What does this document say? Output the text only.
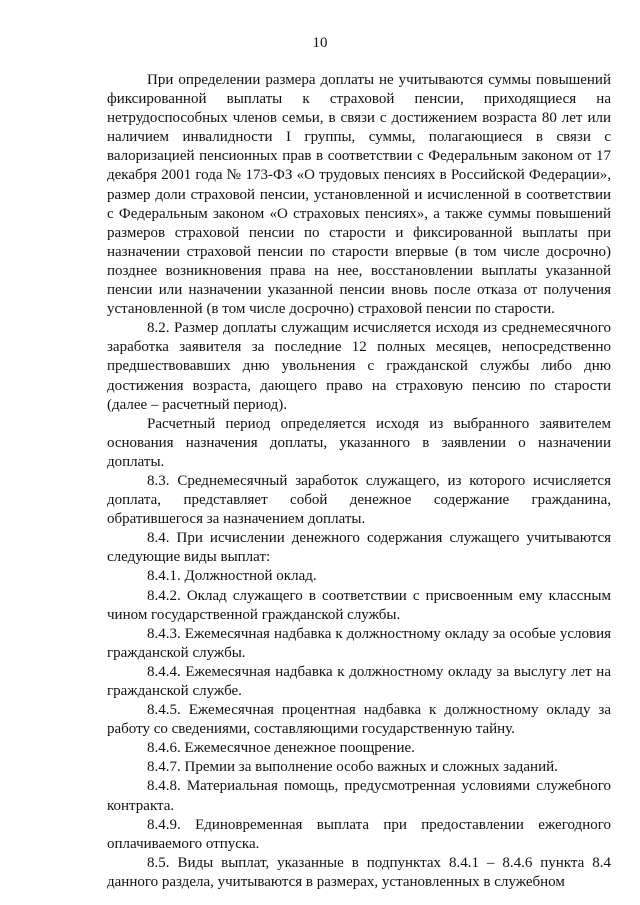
10

При определении размера доплаты не учитываются суммы повышений фиксированной выплаты к страховой пенсии, приходящиеся на нетрудоспособных членов семьи, в связи с достижением возраста 80 лет или наличием инвалидности I группы, суммы, полагающиеся в связи с валоризацией пенсионных прав в соответствии с Федеральным законом от 17 декабря 2001 года № 173-ФЗ «О трудовых пенсиях в Российской Федерации», размер доли страховой пенсии, установленной и исчисленной в соответствии с Федеральным законом «О страховых пенсиях», а также суммы повышений размеров страховой пенсии по старости и фиксированной выплаты при назначении страховой пенсии по старости впервые (в том числе досрочно) позднее возникновения права на нее, восстановлении выплаты указанной пенсии или назначении указанной пенсии вновь после отказа от получения установленной (в том числе досрочно) страховой пенсии по старости.

8.2. Размер доплаты служащим исчисляется исходя из среднемесячного заработка заявителя за последние 12 полных месяцев, непосредственно предшествовавших дню увольнения с гражданской службы либо дню достижения возраста, дающего право на страховую пенсию по старости (далее – расчетный период).

Расчетный период определяется исходя из выбранного заявителем основания назначения доплаты, указанного в заявлении о назначении доплаты.

8.3. Среднемесячный заработок служащего, из которого исчисляется доплата, представляет собой денежное содержание гражданина, обратившегося за назначением доплаты.

8.4. При исчислении денежного содержания служащего учитываются следующие виды выплат:

8.4.1. Должностной оклад.

8.4.2. Оклад служащего в соответствии с присвоенным ему классным чином государственной гражданской службы.

8.4.3. Ежемесячная надбавка к должностному окладу за особые условия гражданской службы.

8.4.4. Ежемесячная надбавка к должностному окладу за выслугу лет на гражданской службе.

8.4.5. Ежемесячная процентная надбавка к должностному окладу за работу со сведениями, составляющими государственную тайну.

8.4.6. Ежемесячное денежное поощрение.

8.4.7. Премии за выполнение особо важных и сложных заданий.

8.4.8. Материальная помощь, предусмотренная условиями служебного контракта.

8.4.9. Единовременная выплата при предоставлении ежегодного оплачиваемого отпуска.

8.5. Виды выплат, указанные в подпунктах 8.4.1 – 8.4.6 пункта 8.4 данного раздела, учитываются в размерах, установленных в служебном
